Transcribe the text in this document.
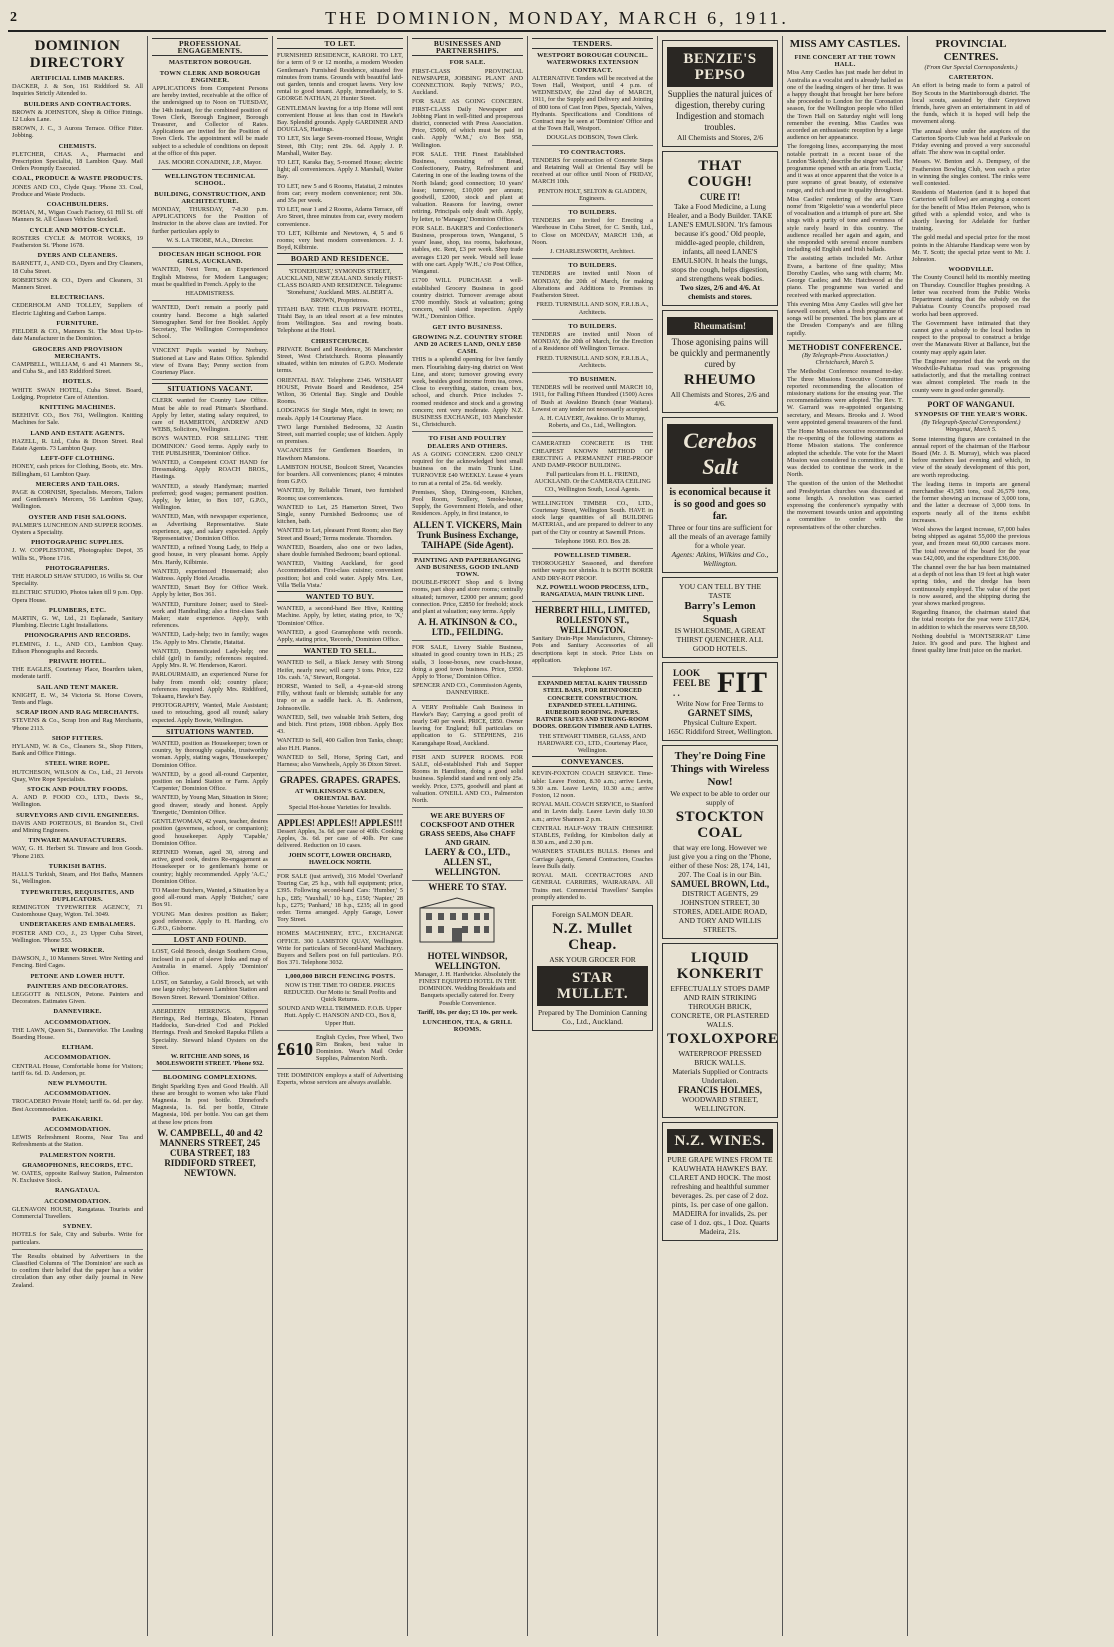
2	THE DOMINION, MONDAY, MARCH 6, 1911.
DOMINION DIRECTORY
ARTIFICIAL LIMB MAKERS.
DACKER, J. & Son, 161 Riddiford St. All Inquiries Strictly Attended to.
BUILDERS AND CONTRACTORS.
BROWN & JOHNSTON, Shop & Office Fittings. 12 Lukes Lane.
BROWN, J. C., 3 Aurora Terrace. Office Fitter. Jobbing.
CHEMISTS.
FLETCHER, CHAS. A., Pharmacist and Prescription Specialist, 18 Lambton Quay. Mail Orders Promptly Executed.
COAL, PRODUCE & WASTE PRODUCTS.
JONES AND CO., Clyde Quay. 'Phone 33. Coal, Produce and Waste Products.
COACHBUILDERS.
BOHAN, M., Wigan Coach Factory, 61 Hill St. off Manners St. All Classes Vehicles Stocked.
CYCLE AND MOTOR-CYCLE.
ROSTERS CYCLE & MOTOR WORKS, 19 Featherston St. 'Phone 1678.
DYERS AND CLEANERS.
BARNETT, J., AND CO., Dyers and Dry Cleaners, 18 Cuba Street.
ROBERTSON & CO., Dyers and Cleaners, 31 Manners Street.
ELECTRICIANS.
CEDERHOLM AND TOLLEY, Suppliers of Electric Lighting and Carbon Lamps.
FURNITURE.
FIELDER & CO., Manners St. The Most Up-to-date Manufacturer in the Dominion.
GROCERS AND PROVISION MERCHANTS.
CAMPBELL, WILLIAM, 6 and 41 Manners St., and Cuba St., and 183 Riddiford Street.
HOTELS.
WHITE SWAN HOTEL, Cuba Street. Board, Lodging. Proprietor Care of Attention.
KNITTING MACHINES.
BEEHIVE CO., Box 761, Wellington. Knitting Machines for Sale.
LAND AND ESTATE AGENTS.
HAZELL, R. Ltd., Cuba & Dixon Street. Real Estate Agents. 73 Lambton Quay.
LEFT-OFF CLOTHING.
HONEY, cash prices for Clothing, Boots, etc. Mrs. Billingham, 61 Lambton Quay.
MERCERS AND TAILORS.
PAGE & CORNISH, Specialists. Mercers, Tailors and Gentlemen's Mercers, 56 Lambton Quay, Wellington.
OYSTER AND FISH SALOONS.
PALMER'S LUNCHEON AND SUPPER ROOMS. Oysters a Speciality.
PHOTOGRAPHIC SUPPLIES.
J. W. COPPLESTONE, Photographic Depot, 35 Willis St., 'Phone 1716.
PHOTOGRAPHERS.
THE HAROLD SHAW STUDIO, 16 Willis St. Our Speciality.
ELECTRIC STUDIO, Photos taken till 9 p.m. Opp. Opera House.
PLUMBERS, ETC.
MARTIN, G. W., Ltd., 21 Esplanade, Sanitary Plumbing. Electric Light Installations.
PHONOGRAPHS AND RECORDS.
FLEMING, J. L., AND CO., Lambton Quay. Edison Phonographs and Records.
PRIVATE HOTEL.
THE EAGLES, Courtenay Place, Boarders taken, moderate tariff.
SAIL AND TENT MAKER.
KNIGHT, E. W., 34 Victoria St. Horse Covers, Tents and Flags.
SCRAP IRON AND RAG MERCHANTS.
STEVENS & Co., Scrap Iron and Rag Merchants, 'Phone 2113.
SHOP FITTERS.
HYLAND, W. & Co., Cleaners St., Shop Fitters, Bank and Office Fittings.
STEEL WIRE ROPE.
HUTCHESON, WILSON & Co., Ltd., 21 Jervois Quay, Wire Rope Specialists.
STOCK AND POULTRY FOODS.
A. AND P. FOOD CO., LTD., Davis St., Wellington.
SURVEYORS AND CIVIL ENGINEERS.
DAVIS AND PORTEOUS, 81 Brandon St., Civil and Mining Engineers.
TINWARE MANUFACTURERS.
WAY, G. H. Herbert St. Tinware and Iron Goods. 'Phone 2183.
TURKISH BATHS.
HALL'S Turkish, Steam, and Hot Baths, Manners St., Wellington.
TYPEWRITERS, REQUISITES, AND DUPLICATORS.
REMINGTON TYPEWRITER AGENCY, 71 Customhouse Quay, Wgton. Tel. 3049.
UNDERTAKERS AND EMBALMERS.
FOSTER AND CO., J., 23 Upper Cuba Street, Wellington. 'Phone 553.
WIRE WORKER.
DAWSON, J., 10 Manners Street. Wire Netting and Fencing. Bird Cages.
PETONE AND LOWER HUTT.
PAINTERS AND DECORATORS.
LEGGOTT & NELSON, Petone. Painters and Decorators. Estimates Given.
DANNEVIRKE.
ACCOMMODATION.
THE LAWN, Queen St., Dannevirke. The Leading Boarding House.
ELTHAM.
ACCOMMODATION.
CENTRAL House, Comfortable home for Visitors; tariff 6s. 6d. D. Anderson, pr.
NEW PLYMOUTH.
ACCOMMODATION.
TROCADERO Private Hotel; tariff 6s. 6d. per day. Best Accommodation.
PAEKAKARIKI.
ACCOMMODATION.
LEWIS Refreshment Rooms, Near Tea and Refreshments at the Station.
PALMERSTON NORTH.
GRAMOPHONES, RECORDS, ETC.
W. OATES, opposite Railway Station, Palmerston N. Exclusive Stock.
RANGATAUA.
ACCOMMODATION.
GLENAVON HOUSE, Rangataua. Tourists and Commercial Travellers.
SYDNEY.
HOTELS for Sale, City and Suburbs. Write for particulars.
The Results obtained by Advertisers in the Classified Columns of 'The Dominion' are such as to confirm their belief that the paper has a wider circulation than any other daily journal in New Zealand.
PROFESSIONAL ENGAGEMENTS.
MASTERTON BOROUGH.
TOWN CLERK AND BOROUGH ENGINEER.
APPLICATIONS from Competent Persons are hereby invited, receivable at the office of the undersigned up to Noon on TUESDAY, the 14th instant, for the combined position of Town Clerk, Borough Engineer, Borough Treasurer, and Collector of Rates. Applications are invited for the Position of Town Clerk. The appointment will be made subject to a schedule of conditions on deposit at the office of this paper.
JAS. MOORE CONADINE, J.P., Mayor.
WELLINGTON TECHNICAL SCHOOL.
BUILDING, CONSTRUCTION, AND ARCHITECTURE.
MONDAY, THURSDAY, 7-8.30 p.m. APPLICATIONS for the Position of Instructor in the above class are invited. For further particulars apply to
W. S. LA TROBE, M.A., Director.
DIOCESAN HIGH SCHOOL FOR GIRLS, AUCKLAND.
WANTED, Next Term, an Experienced English Mistress, for Modern Languages; must be qualified in French. Apply to the
HEADMISTRESS.
WANTED, Don't remain a poorly paid country hand. Become a high salaried Stenographer. Send for free Booklet. Apply Secretary, The Wellington Correspondence School.
VINCENT Pupils wanted by Norbury. Stationed at Law and Rates Office. Splendid view of Evans Bay; Penny section from Courtenay Place.
SITUATIONS VACANT.
CLERK wanted for Country Law Office. Must be able to read Pitman's Shorthand. Apply by letter, stating salary required, to care of HAMERTON, ANDREW AND WEBB, Solicitors, Wellington.
BOYS WANTED. FOR SELLING 'THE DOMINION.' Good terms. Apply early to THE PUBLISHER, 'Dominion' Office.
WANTED, a Competent COAT HAND for Dressmaking. Apply ROACH BROS., Hastings.
WANTED, a steady Handyman; married preferred; good wages; permanent position. Apply, by letter, to Box 107, G.P.O., Wellington.
WANTED, Man, with newspaper experience, as Advertising Representative. State experience, age, and salary expected. Apply 'Representative,' Dominion Office.
WANTED, a refined Young Lady, to Help a good house, in very pleasant home. Apply Mrs. Hardy, Kilbirnie.
WANTED, experienced Housemaid; also Waitress. Apply Hotel Arcadia.
WANTED, Smart Boy for Office Work. Apply by letter, Box 361.
WANTED, Furniture Joiner; used to Steel-work and Handrailing; also a first-class Sash Maker; state experience. Apply, with references.
WANTED, Lady-help; two in family; wages 15s. Apply to Mrs. Christie, Hataitai.
WANTED, Domesticated Lady-help; one child (girl) in family; references required. Apply Mrs. R. W. Henderson, Karori.
PARLOURMAID, an experienced Nurse for baby from month old; country place; references required. Apply Mrs. Riddiford, Tokaanu, Hawke's Bay.
PHOTOGRAPHY, Wanted, Male Assistant; used to retouching, good all round; salary expected. Apply Bowie, Wellington.
SITUATIONS WANTED.
WANTED, position as Housekeeper; town or country, by thoroughly capable, trustworthy woman. Apply, stating wages, 'Housekeeper,' Dominion Office.
WANTED, by a good all-round Carpenter, position on Inland Station or Farm. Apply 'Carpenter,' Dominion Office.
WANTED, by Young Man, Situation in Store; good drawer, steady and honest. Apply 'Energetic,' Dominion Office.
GENTLEWOMAN, 42 years, teacher, desires position (governess, school, or companion); good housekeeper. Apply 'Capable,' Dominion Office.
REFINED Woman, aged 30, strong and active, good cook, desires Re-engagement as Housekeeper or to gentleman's home or country; highly recommended. Apply 'A.C.,' Dominion Office.
TO Master Butchers, Wanted, a Situation by a good all-round man. Apply 'Butcher,' care Box 91.
YOUNG Man desires position as Baker; good reference. Apply to H. Harding, c/o G.P.O., Gisborne.
LOST AND FOUND.
LOST, Gold Brooch, design Southern Cross, inclosed in a pair of sleeve links and map of Australia in enamel. Apply 'Dominion' Office.
LOST, on Saturday, a Gold Brooch, set with one large ruby; between Lambton Station and Bowen Street. Reward. 'Dominion' Office.
ABERDEEN HERRINGS. Kippered Herrings, Red Herrings, Bloaters, Finnan Haddocks, Sun-dried Cod and Pickled Herrings. Fresh and Smoked Rapuka Fillets a Speciality. Steward Island Oysters on the Street.
W. RITCHIE AND SONS, 16 MOLESWORTH STREET. 'Phone 932.
BLOOMING COMPLEXIONS.
Bright Sparkling Eyes and Good Health. All these are brought to women who take Fluid Magnesia. In post bottle. Dinneford's Magnesia, 1s. 6d. per bottle, Citrate Magnesia, 10d. per bottle. You can get them at these low prices from
W. CAMPBELL, 40 and 42 MANNERS STREET, 245 CUBA STREET, 183 RIDDIFORD STREET, NEWTOWN.
TO LET.
FURNISHED RESIDENCE, KARORI. TO LET, for a term of 9 or 12 months, a modern Wooden Gentleman's Furnished Residence, situated five minutes from trams. Grounds with beautiful laid-out garden, tennis and croquet lawns. Very low rental to good tenant. Apply, immediately, to S. GEORGE NATHAN, 21 Hunter Street.
GENTLEMAN leaving for a trip Home will rent convenient House at less than cost in Hawke's Bay. Splendid grounds. Apply GARDINER AND DOUGLAS, Hastings.
TO LET, Six large Seven-roomed House, Wright Street, 8th City; rent 29s. 6d. Apply J. P. Marshall, Waiter Bay.
TO LET, Karaka Bay, 5-roomed House; electric light; all conveniences. Apply J. Marshall, Waiter Bay.
TO LET, new 5 and 6 Rooms, Hataitai, 2 minutes from car; every modern convenience; rent 30s. and 35s per week.
TO LET, near 1 and 2 Rooms, Adams Terrace, off Aro Street, three minutes from car, every modern convenience.
TO LET, Kilbirnie and Newtown, 4, 5 and 6 rooms; very best modern conveniences. J. J. Boyd, Kilbirnie.
BOARD AND RESIDENCE.
'STONEHURST,' SYMONDS STREET, AUCKLAND, NEW ZEALAND. Strictly FIRST-CLASS BOARD AND RESIDENCE. Telegrams: 'Stonehurst,' Auckland. MRS. ALBERT A. BROWN, Proprietress.
TITAHI BAY. THE CLUB PRIVATE HOTEL, Titahi Bay, is an ideal resort at a few minutes from Wellington. Sea and rowing boats. Telephone at the Hotel.
CHRISTCHURCH.
PRIVATE Board and Residence, 36 Manchester Street, West Christchurch. Rooms pleasantly situated, within ten minutes of G.P.O. Moderate terms.
ORIENTAL BAY. Telephone 2346. WISHART HOUSE, Private Board and Residence, 254 Wilton, 36 Oriental Bay. Single and Double Rooms.
LODGINGS for Single Men, right in town; no meals. Apply 14 Courtenay Place.
TWO large Furnished Bedrooms, 32 Austin Street, suit married couple; use of kitchen. Apply on premises.
VACANCIES for Gentlemen Boarders, in Hawthorn Mansions.
LAMBTON HOUSE, Boulcott Street, Vacancies for boarders. All conveniences; piano; 4 minutes from G.P.O.
WANTED, by Reliable Tenant, two furnished Rooms; use conveniences.
WANTED to Let, 25 Hamerton Street, Two Single, sunny Furnished Bedrooms; use of kitchen, bath.
WANTED to Let, pleasant Front Room; also Bay Street and Board; Terms moderate. Thorndon.
WANTED, Boarders, also one or two ladies, share double furnished Bedroom; board optional.
WANTED, Visiting Auckland, for good Accommodation. First-class cuisine; convenient position; hot and cold water. Apply Mrs. Lee, Villa 'Bella Vista.'
WANTED TO BUY.
WANTED, a second-hand Bee Hive, Knitting Machine. Apply, by letter, stating price, to 'X,' 'Dominion' Office.
WANTED, a good Gramophone with records. Apply, stating price, 'Records,' Dominion Office.
WANTED TO SELL.
WANTED to Sell, a Black Jersey with Strong Heifer, nearly new; will carry 3 tons. Price, £22 10s. cash. 'A,' Stewart, Rongotai.
HORSE, Wanted to Sell, a 4-year-old strong Filly, without fault or blemish; suitable for any trap or as a saddle hack. A. B. Anderson, Johnsonville.
WANTED, Sell, two valuable Irish Setters, dog and bitch. First prizes, 1908 ribbon. Apply Box 43.
WANTED to Sell, 400 Gallon Iron Tanks, cheap; also H.H. Pianos.
WANTED to Sell, Horse, Spring Cart, and Harness; also Vanwheels, Apply 36 Dixon Street.
GRAPES. GRAPES. GRAPES.
AT WILKINSON'S GARDEN, ORIENTAL BAY.
Special Hot-house Varieties for Invalids.
APPLES! APPLES!! APPLES!!!
Dessert Apples, 3s. 6d. per case of 40lb. Cooking Apples, 3s. 6d. per case of 40lb. Per case delivered. Reduction on 10 cases.
JOHN SCOTT, LOWER ORCHARD, HAVELOCK NORTH.
FOR SALE (just arrived), 316 Model 'Overland' Touring Car, 25 h.p., with full equipment; price, £395. Following second-hand Cars: 'Humber,' 5 h.p., £85; 'Vauxhall,' 10 h.p., £150; 'Napier,' 28 h.p., £275; 'Panhard,' 18 h.p., £235; all in good order. Terms arranged. Apply Garage, Lower Tory Street.
HOMES MACHINERY, ETC., EXCHANGE OFFICE. 300 LAMBTON QUAY, Wellington. Write for particulars of Second-hand Machinery. Buyers and Sellers post on full particulars. P.O. Box 371. Telephone 3032.
1,000,000 BIRCH FENCING POSTS.
NOW IS THE TIME TO ORDER. PRICES REDUCED. Our Motto is: Small Profits and Quick Returns.
SOUND AND WELL TRIMMED. F.O.B. Upper Hutt. Apply C. HANSON AND CO., Box 8, Upper Hutt.
£610
English Cycles, Free Wheel, Two Rim Brakes, best value in Dominion. Wear's Mail Order Supplies, Palmerston North.
THE DOMINION employs a staff of Advertising Experts, whose services are always available.
BUSINESSES AND PARTNERSHIPS.
FOR SALE.
FIRST-CLASS PROVINCIAL NEWSPAPER, JOBBING PLANT AND CONNECTION. Reply 'NEWS,' P.O., Auckland.
FOR SALE AS GOING CONCERN. FIRST-CLASS Daily Newspaper and Jobbing Plant in well-fitted and prosperous district, connected with Press Association. Price, £5000, of which must be paid in cash. Apply 'W.M.,' c/o Box 958, Wellington.
FOR SALE. THE Finest Established Business, consisting of Bread, Confectionery, Pastry, Refreshment and Catering in one of the leading towns of the North Island; good connection; 10 years' lease; turnover, £10,000 per annum; goodwill, £2000, stock and plant at valuation. Reasons for leaving, owner retiring. Principals only dealt with. Apply, by letter, to 'Manager,' Dominion Office.
FOR SALE. BAKER'S and Confectioner's Business, prosperous town, Wanganui, 5 years' lease, shop, tea rooms, bakehouse, stables, etc. Rent, £3 per week. Shop trade averages £120 per week. Would sell lease with one cart. Apply 'W.H.,' c/o Post Office, Wanganui.
£1700 WILL PURCHASE a well-established Grocery Business in good country district. Turnover average about £700 monthly. Stock at valuation; going concern, will stand inspection. Apply 'W.H.,' Dominion Office.
GET INTO BUSINESS.
GROWING N.Z. COUNTRY STORE AND 20 ACRES LAND, ONLY £850 CASH.
THIS is a splendid opening for live family men. Flourishing dairy-ing district on West Line, and store; turnover growing every week, besides good income from tea, cows. Close to everything, station, cream box, school, and church. Price includes 7-roomed residence and stock and a growing concern; rent very moderate. Apply N.Z. BUSINESS EXCHANGE, 103 Manchester St., Christchurch.
TO FISH AND POULTRY DEALERS AND OTHERS.
AS A GOING CONCERN. £200 ONLY required for the acknowledged best small business on the main Trunk Line. TURNOVER £40 WEEKLY. Lease 4 years to run at a rental of 25s. 6d. weekly.
Premises, Shop, Dining-room, Kitchen, Pool Room, Scullery, Smoke-house, Supply, the Government Hotels, and other Residences. Apply, in first instance, to
ALLEN T. VICKERS, Main Trunk Business Exchange, TAIHAPE (Side Agent).
PAINTING AND PAPERHANGING AND BUSINESS, GOOD INLAND TOWN.
DOUBLE-FRONT Shop and 6 living rooms, part shop and store rooms; centrally situated; turnover, £2000 per annum; good connection. Price, £2850 for freehold; stock and plant at valuation; easy terms. Apply
A. H. ATKINSON & CO., LTD., FEILDING.
FOR SALE, Livery Stable Business, situated in good country town in H.B.; 25 stalls, 3 loose-boxes, new coach-house, doing a good town business. Price, £950. Apply to 'Horse,' Dominion Office.
SPENCER AND CO., Commission Agents, DANNEVIRKE.
A VERY Profitable Cash Business in Hawke's Bay; Carrying a good profit of nearly £40 per week. PRICE, £850. Owner leaving for England; full particulars on application to G. STEPHENS, 216 Karangahape Road, Auckland.
FISH AND SUPPER ROOMS. FOR SALE, old-established Fish and Supper Rooms in Hamilton, doing a good solid business. Splendid stand and rent only 25s. weekly. Price, £375, goodwill and plant at valuation. O'NEILL AND CO., Palmerston North.
WE ARE BUYERS OF COCKSFOOT AND OTHER GRASS SEEDS, Also CHAFF AND GRAIN.
LAERY & CO., LTD., ALLEN ST., WELLINGTON.
WHERE TO STAY.
HOTEL WINDSOR, WELLINGTON.
Manager, J. H. Hardwicke. Absolutely the FINEST EQUIPPED HOTEL IN THE DOMINION. Wedding Breakfasts and Banquets specially catered for. Every Possible Convenience.
Tariff, 10s. per day; £3 10s. per week.
LUNCHEON, TEA, & GRILL ROOMS.
TENDERS.
WESTPORT BOROUGH COUNCIL. WATERWORKS EXTENSION CONTRACT.
ALTERNATIVE Tenders will be received at the Town Hall, Westport, until 4 p.m. of WEDNESDAY, the 22nd day of MARCH, 1911, for the Supply and Delivery and Jointing of 800 tons of Cast Iron Pipes, Specials, Valves, Hydrants. Specifications and Conditions of Contract may be seen at 'Dominion' Office and at the Town Hall, Westport.
DOUGLAS DOBSON, Town Clerk.
TO CONTRACTORS.
TENDERS for construction of Concrete Steps and Retaining Wall at Oriental Bay will be received at our office until Noon of FRIDAY, MARCH 10th.
PENTON HOLT, SELTON & GLADDEN, Engineers.
TO BUILDERS.
TENDERS are invited for Erecting a Warehouse in Cuba Street, for C. Smith, Ltd., to Close on MONDAY, MARCH 13th, at Noon.
J. CHARLESWORTH, Architect.
TO BUILDERS.
TENDERS are invited until Noon of MONDAY, the 20th of March, for making Alterations and Additions to Premises in Featherston Street.
FRED. TURNBULL AND SON, F.R.I.B.A., Architects.
TO BUILDERS.
TENDERS are invited until Noon of MONDAY, the 20th of March, for the Erection of a Residence off Wellington Terrace.
FRED. TURNBULL AND SON, F.R.I.B.A., Architects.
TO BUSHMEN.
TENDERS will be received until MARCH 10, 1911, for Falling Fifteen Hundred (1500) Acres of Bush at Awakino Branch (near Waitara). Lowest or any tender not necessarily accepted.
A. H. CALVERT, Awakino. Or to Murray, Roberts, and Co., Ltd., Wellington.
CAMERATED CONCRETE IS THE CHEAPEST KNOWN METHOD OF ERECTING A PERMANENT FIRE-PROOF AND DAMP-PROOF BUILDING.
Full particulars from H. L. FRIEND, AUCKLAND. Or the CAMERATA CEILING CO., Wellington South, Local Agents.
WELLINGTON TIMBER CO., LTD., Courtenay Street, Wellington South. HAVE in stock large quantities of all BUILDING MATERIAL, and are prepared to deliver to any part of the City or country at Sawmill Prices.
Telephone 1960. P.O. Box 28.
POWELLISED TIMBER.
THOROUGHLY Seasoned, and therefore neither warps nor shrinks. It is BOTH BORER AND DRY-ROT PROOF.
N.Z. POWELL WOOD PROCESS, LTD., RANGATAUA, MAIN TRUNK LINE.
HERBERT HILL, LIMITED, ROLLESTON ST., WELLINGTON.
Sanitary Drain-Pipe Manufacturers, Chimney-Pots and Sanitary Accessories of all descriptions kept in stock. Price Lists on application.
Telephone 167.
EXPANDED METAL KAHN TRUSSED STEEL BARS, FOR REINFORCED CONCRETE CONSTRUCTION. EXPANDED STEEL LATHING. RUBEROID ROOFING. PAPERS. RATNER SAFES AND STRONG-ROOM DOORS. OREGON TIMBER AND LATHS.
THE STEWART TIMBER, GLASS, AND HARDWARE CO., LTD., Courtenay Place, Wellington.
CONVEYANCES.
KEVIN-FOXTON COACH SERVICE. Time-table: Leave Foxton, 8.30 a.m.; arrive Levin, 9.30 a.m. Leave Levin, 10.30 a.m.; arrive Foxton, 12 noon.
ROYAL MAIL COACH SERVICE, to Stanford and in Levin daily. Leave Levin daily 10.30 a.m.; arrive Shannon 2 p.m.
CENTRAL HALF-WAY TRAIN CHESHIRE STABLES, Feilding, for Kimbolton daily at 8.30 a.m., and 2.30 p.m.
WARNER'S STABLES BULLS. Horses and Carriage Agents, General Contractors, Coaches leave Bulls daily.
ROYAL MAIL CONTRACTORS AND GENERAL CARRIERS, WAIRARAPA. All Trains met. Commercial Travellers' Samples promptly attended to.
Foreign SALMON DEAR.
N.Z. Mullet Cheap.
ASK YOUR GROCER FOR
STAR MULLET.
Prepared by The Dominion Canning Co., Ltd., Auckland.
BENZIE'S PEPSO
Supplies the natural juices of digestion, thereby curing Indigestion and stomach troubles.
All Chemists and Stores, 2/6
THAT COUGH!
CURE IT!
Take a Food Medicine, a Lung Healer, and a Body Builder. TAKE LANE'S EMULSION. 'It's famous because it's good.' Old people, middle-aged people, children, infants, all need LANE'S EMULSION. It heals the lungs, stops the cough, helps digestion, and strengthens weak bodies.
Two sizes, 2/6 and 4/6. At chemists and stores.
Rheumatism!
Those agonising pains will be quickly and permanently cured by
RHEUMO
All Chemists and Stores, 2/6 and 4/6.
Cerebos Salt
is economical because it is so good and goes so far.
Three or four tins are sufficient for all the meals of an average family for a whole year.
Agents: Atkins, Wilkins and Co., Wellington.
YOU CAN TELL BY THE TASTE
Barry's Lemon Squash
IS WHOLESOME, A GREAT THIRST QUENCHER. ALL GOOD HOTELS.
LOOK FEEL BE . .	FIT
Write Now for Free Terms to
GARNET SIMS,
Physical Culture Expert.
165C Riddiford Street, Wellington.
They're Doing Fine Things with Wireless Now!
We expect to be able to order our supply of
STOCKTON COAL
that way ere long. However we just give you a ring on the 'Phone, either of these Nos: 28, 174, 141, 207. The Coal is in our Bin.
SAMUEL BROWN, Ltd.,
DISTRICT AGENTS, 29 JOHNSTON STREET, 30 STORES, ADELAIDE ROAD, AND TORY AND WILLIS STREETS.
LIQUID KONKERIT
EFFECTUALLY STOPS DAMP AND RAIN STRIKING THROUGH BRICK, CONCRETE, OR PLASTERED WALLS.
TOXLOXPORE
WATERPROOF PRESSED BRICK WALLS.
Materials Supplied or Contracts Undertaken.
FRANCIS HOLMES,
WOODWARD STREET, WELLINGTON.
N.Z. WINES.
PURE GRAPE WINES FROM TE KAUWHATA HAWKE'S BAY. CLARET AND HOCK. The most refreshing and healthful summer beverages. 2s. per case of 2 doz. pints, 1s. per case of one gallon. MADEIRA for invalids, 2s. per case of 1 doz. qts., 1 Doz. Quarts Madeira, 21s.
MISS AMY CASTLES.
FINE CONCERT AT THE TOWN HALL.
Miss Amy Castles has just made her debut in Australia as a vocalist and is already hailed as one of the leading singers of her time. It was a happy thought that brought her here before she proceeded to London for the Coronation season, for the Wellington people who filled the Town Hall on Saturday night will long remember the evening. Miss Castles was accorded an enthusiastic reception by a large audience on her appearance.
The foregoing lines, accompanying the most notable portrait in a recent issue of the London 'Sketch,' describe the singer well. Her programme opened with an aria from 'Lucia,' and it was at once apparent that the voice is a pure soprano of great beauty, of extensive range, and rich and true in quality throughout.
Miss Castles' rendering of the aria 'Caro nome' from 'Rigoletto' was a wonderful piece of vocalisation and a triumph of pure art. She sings with a purity of tone and evenness of style rarely heard in this country. The audience recalled her again and again, and she responded with several encore numbers including old English and Irish ballads.
The assisting artists included Mr. Arthur Evans, a baritone of fine quality; Miss Dorothy Castles, who sang with charm; Mr. George Castles; and Mr. Hatchwood at the piano. The programme was varied and received with marked appreciation.
This evening Miss Amy Castles will give her farewell concert, when a fresh programme of songs will be presented. The box plans are at the Dresden Company's and are filling rapidly.
METHODIST CONFERENCE.
(By Telegraph-Press Association.) Christchurch, March 5.
The Methodist Conference resumed to-day. The three Missions Executive Committee reported recommending the allocation of missionary stations for the ensuing year. The recommendations were adopted. The Rev. T. W. Garrard was re-appointed organising secretary, and Messrs. Brooks and J. Wood were appointed general treasurers of the fund.
The Home Missions executive recommended the re-opening of the following stations as Home Mission stations. The conference adopted the schedule. The vote for the Maori Mission was considered in committee, and it was decided to continue the work in the North.
The question of the union of the Methodist and Presbyterian churches was discussed at some length. A resolution was carried expressing the conference's sympathy with the movement towards union and appointing a committee to confer with the representatives of the other churches.
PROVINCIAL CENTRES.
(From Our Special Correspondents.)
CARTERTON.
An effort is being made to form a patrol of Boy Scouts in the Martinborough district. The local scouts, assisted by their Greytown friends, have given an entertainment in aid of the funds, which it is hoped will help the movement along.
The annual show under the auspices of the Carterton Sports Club was held at Parkvale on Friday evening and proved a very successful affair. The show was in capital order.
Messrs. W. Benton and A. Dempsey, of the Featherston Bowling Club, won each a prize in winning the singles contest. The rinks were well contested.
Residents of Masterton (and it is hoped that Carterton will follow) are arranging a concert for the benefit of Miss Helen Peterson, who is gifted with a splendid voice, and who is shortly leaving for Adelaide for further training.
The gold medal and special prize for the most points in the Ahiaruhe Handicap were won by Mr. T. Scott; the special prize went to Mr. J. Johnston.
WOODVILLE.
The County Council held its monthly meeting on Thursday. Councillor Hughes presiding. A letter was received from the Public Works Department stating that the subsidy on the Pahiatua County Council's proposed road works had been approved.
The Government have intimated that they cannot give a subsidy to the local bodies in respect to the proposal to construct a bridge over the Manawatu River at Ballance, but the county may apply again later.
The Engineer reported that the work on the Woodville-Pahiatua road was progressing satisfactorily, and that the metalling contract was almost completed. The roads in the county were in good order generally.
PORT OF WANGANUI.
SYNOPSIS OF THE YEAR'S WORK.
(By Telegraph-Special Correspondent.) Wanganui, March 5.
Some interesting figures are contained in the annual report of the chairman of the Harbour Board (Mr. J. B. Murray), which was placed before members last evening and which, in view of the steady development of this port, are worth reproducing.
The leading items in imports are general merchandise 43,583 tons, coal 26,579 tons, the former showing an increase of 3,000 tons, and the latter a decrease of 3,000 tons. In exports nearly all of the items exhibit increases.
Wool shows the largest increase, 67,000 bales being shipped as against 55,000 the previous year, and frozen meat 60,000 carcases more. The total revenue of the board for the year was £42,000, and the expenditure £36,000.
The channel over the bar has been maintained at a depth of not less than 19 feet at high water spring tides, and the dredge has been continuously employed. The value of the port is now assured, and the shipping during the year shows marked progress.
Regarding finance, the chairman stated that the total receipts for the year were £117,824, in addition to which the reserves were £8,500.
Nothing doubtful is 'MONTSERRAT' Lime Juice. It's good and pure. The highest and finest quality lime fruit juice on the market.
